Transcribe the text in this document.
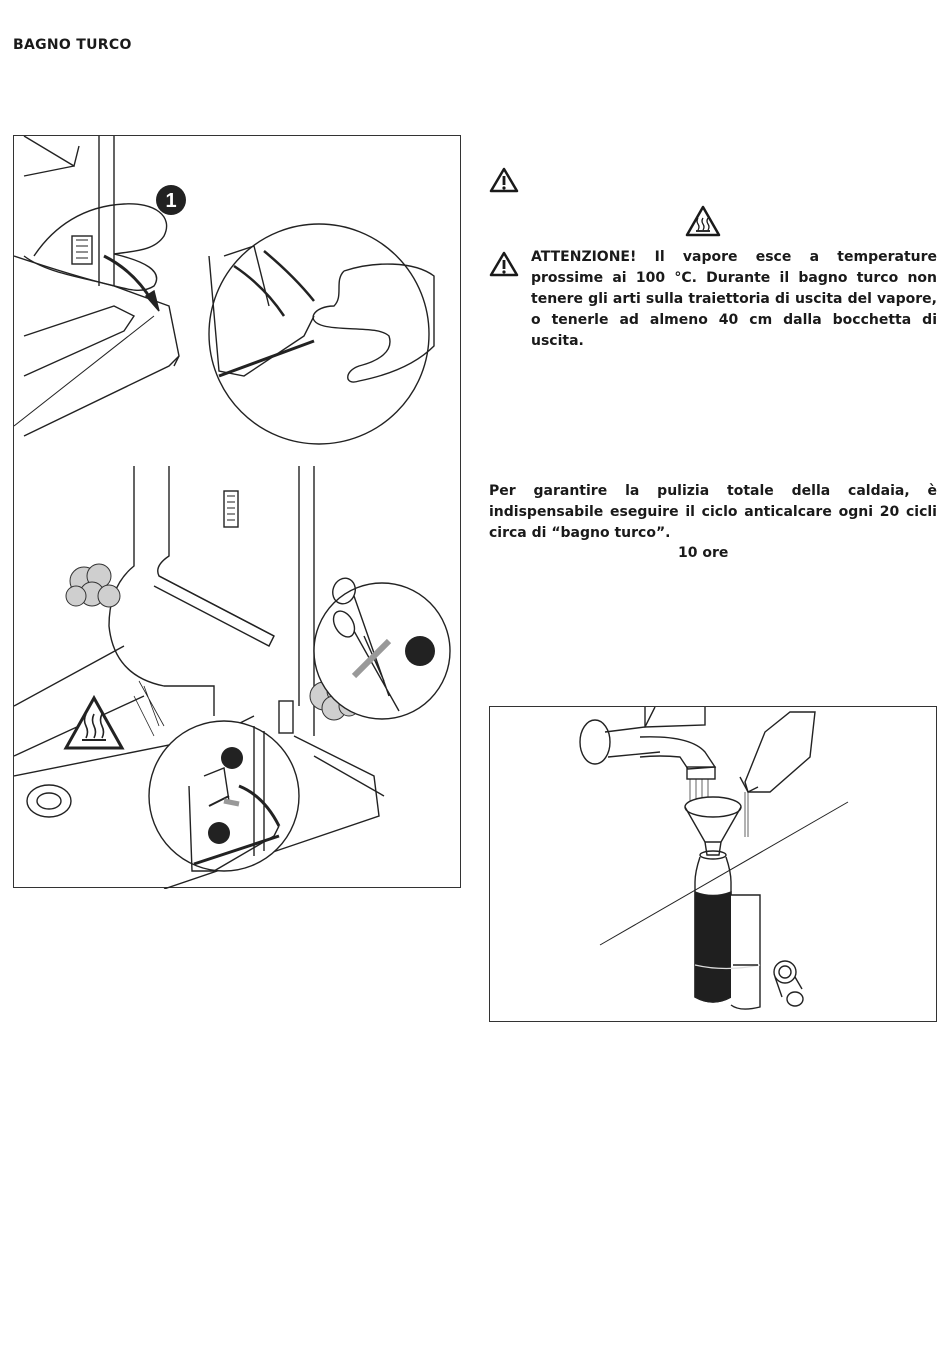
BAGNO TURCO
1
ATTENZIONE! Il vapore esce a temperature prossime ai 100 °C. Durante il bagno turco non tenere gli arti sulla traiettoria di uscita del vapore, o tenerle ad almeno 40 cm dalla bocchetta di uscita.
Per garantire la pulizia totale della caldaia, è indispensabile eseguire il ciclo anticalcare ogni 20 cicli circa di “bagno turco”.
10 ore
